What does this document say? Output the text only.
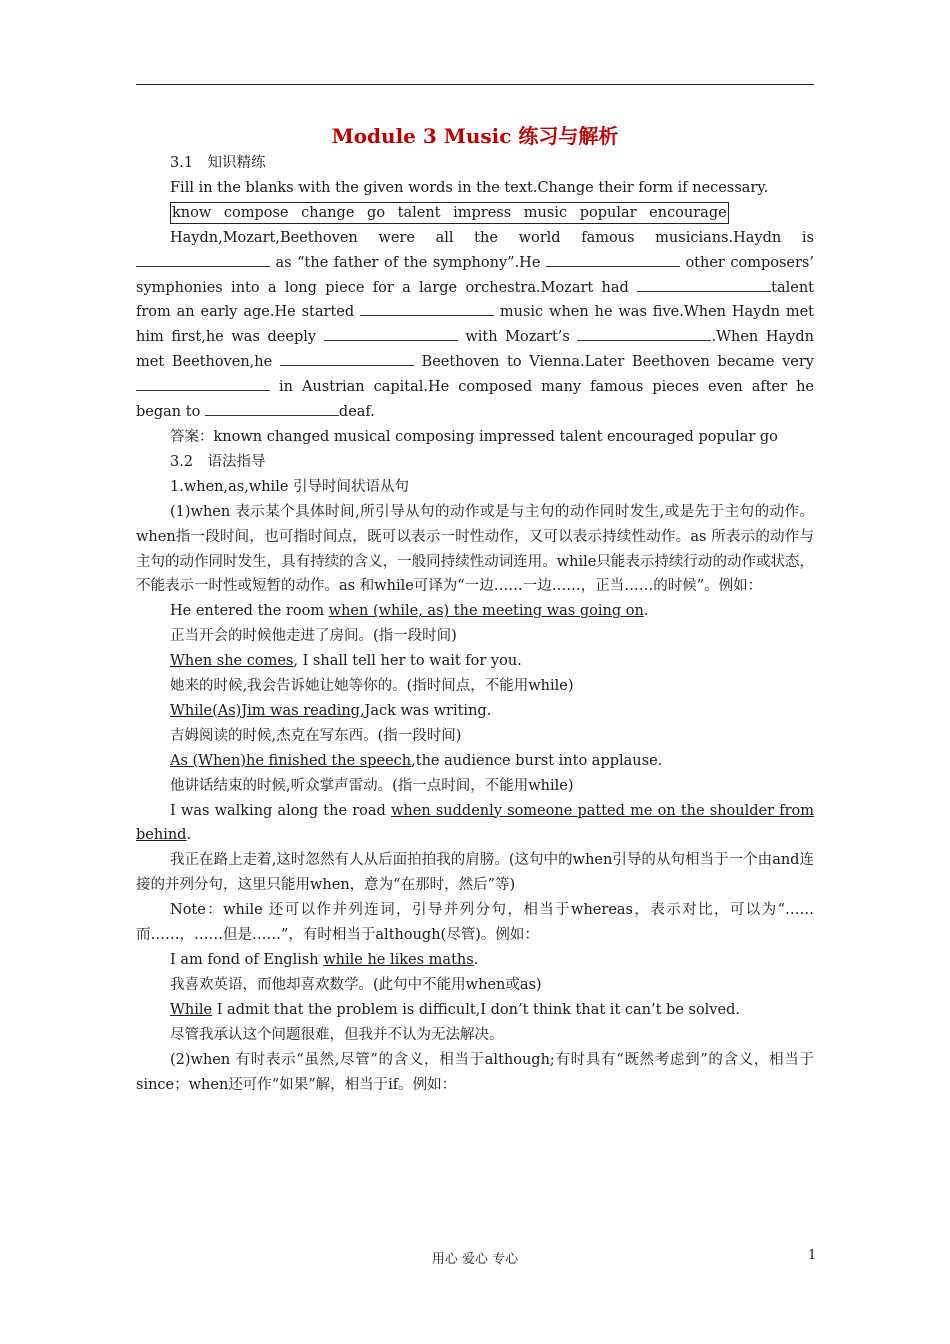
Module 3 Music 练习与解析

3.1　知识精练

Fill in the blanks with the given words in the text.Change their form if necessary.

know compose change go talent impress music popular encourage

Haydn,Mozart,Beethoven were all the world famous musicians.Haydn is  as “the father of the symphony”.He	other composers’ symphonies into a long piece for a large orchestra.Mozart had	talent from an early age.He started	music when he was five.When Haydn met him first,he was deeply	with Mozart’s	.When Haydn met Beethoven,he	Beethoven to Vienna.Later Beethoven became very  in Austrian capital.He composed many famous pieces even after he began to	deaf.

答案：known changed musical composing impressed talent encouraged popular go

3.2　语法指导

1.when,as,while 引导时间状语从句

(1)when 表示某个具体时间,所引导从句的动作或是与主句的动作同时发生,或是先于主句的动作。when指一段时间，也可指时间点，既可以表示一时性动作，又可以表示持续性动作。as 所表示的动作与主句的动作同时发生，具有持续的含义，一般同持续性动词连用。while只能表示持续行动的动作或状态，不能表示一时性或短暂的动作。as 和while可译为“一边……一边……，正当……的时候”。例如：

He entered the room when (while, as) the meeting was going on.

正当开会的时候他走进了房间。(指一段时间)

When she comes, I shall tell her to wait for you.

她来的时候,我会告诉她让她等你的。(指时间点，不能用while)

While(As)Jim was reading,Jack was writing.

吉姆阅读的时候,杰克在写东西。(指一段时间)

As (When)he finished the speech,the audience burst into applause.

他讲话结束的时候,听众掌声雷动。(指一点时间，不能用while)

I was walking along the road when suddenly someone patted me on the shoulder from behind.

我正在路上走着,这时忽然有人从后面拍拍我的肩膀。(这句中的when引导的从句相当于一个由and连接的并列分句，这里只能用when，意为“在那时，然后”等)

Note：while 还可以作并列连词，引导并列分句，相当于whereas，表示对比，可以为“……而……，……但是……”，有时相当于although(尽管)。例如：

I am fond of English while he likes maths.

我喜欢英语，而他却喜欢数学。(此句中不能用when或as)

While I admit that the problem is difficult,I don’t think that it can’t be solved.

尽管我承认这个问题很难，但我并不认为无法解决。

(2)when 有时表示“虽然,尽管”的含义，相当于although;有时具有“既然考虑到”的含义，相当于since；when还可作“如果”解，相当于if。例如：

用心 爱心 专心	1
